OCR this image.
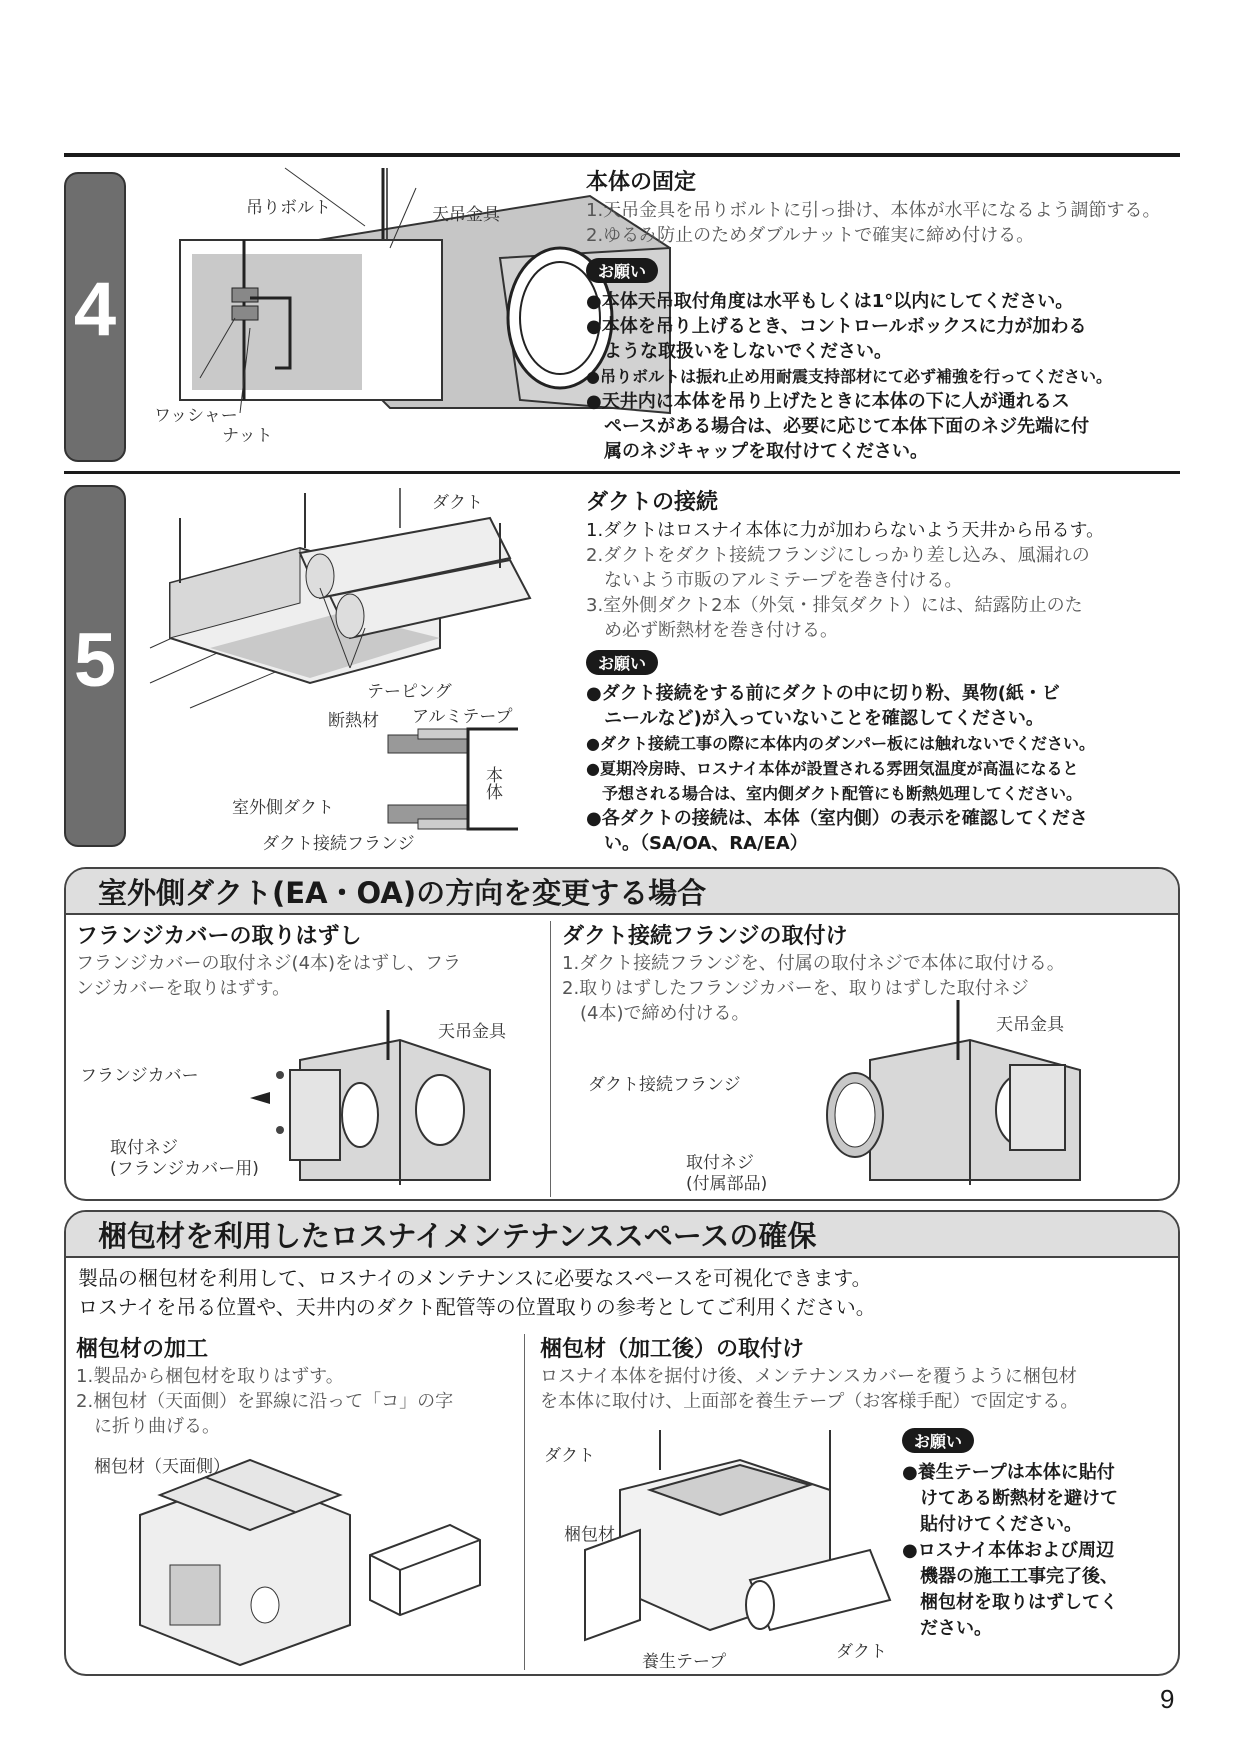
4
吊りボルト	天吊金具
ワッシャー
ナット
本体の固定
1.天吊金具を吊りボルトに引っ掛け、本体が水平になるよう調節する。
2.ゆるみ防止のためダブルナットで確実に締め付ける。
お願い
●本体天吊取付角度は水平もしくは1°以内にしてください。
●本体を吊り上げるとき、コントロールボックスに力が加わる
　ような取扱いをしないでください。
●吊りボルトは振れ止め用耐震支持部材にて必ず補強を行ってください。
●天井内に本体を吊り上げたときに本体の下に人が通れるス
　ペースがある場合は、必要に応じて本体下面のネジ先端に付
　属のネジキャップを取付けてください。
5
ダクト
テーピング
断熱材 アルミテープ
室外側ダクト
ダクト接続フランジ
本体
ダクトの接続
1.ダクトはロスナイ本体に力が加わらないよう天井から吊るす。
2.ダクトをダクト接続フランジにしっかり差し込み、風漏れの
　ないよう市販のアルミテープを巻き付ける。
3.室外側ダクト2本（外気・排気ダクト）には、結露防止のた
　め必ず断熱材を巻き付ける。
お願い
●ダクト接続をする前にダクトの中に切り粉、異物(紙・ビ
　ニールなど)が入っていないことを確認してください。
●ダクト接続工事の際に本体内のダンパー板には触れないでください。
●夏期冷房時、ロスナイ本体が設置される雰囲気温度が高温になると
　予想される場合は、室内側ダクト配管にも断熱処理してください。
●各ダクトの接続は、本体（室内側）の表示を確認してくださ
　い。（SA/OA、RA/EA）
室外側ダクト(EA・OA)の方向を変更する場合
フランジカバーの取りはずし
フランジカバーの取付ネジ(4本)をはずし、フラ
ンジカバーを取りはずす。
ダクト接続フランジの取付け
1.ダクト接続フランジを、付属の取付ネジで本体に取付ける。
2.取りはずしたフランジカバーを、取りはずした取付ネジ
　(4本)で締め付ける。
天吊金具
フランジカバー
取付ネジ
(フランジカバー用)
天吊金具
ダクト接続フランジ
取付ネジ
(付属部品)
梱包材を利用したロスナイメンテナンススペースの確保
製品の梱包材を利用して、ロスナイのメンテナンスに必要なスペースを可視化できます。
ロスナイを吊る位置や、天井内のダクト配管等の位置取りの参考としてご利用ください。
梱包材の加工
1.製品から梱包材を取りはずす。
2.梱包材（天面側）を罫線に沿って「コ」の字
　に折り曲げる。
梱包材（加工後）の取付け
ロスナイ本体を据付け後、メンテナンスカバーを覆うように梱包材
を本体に取付け、上面部を養生テープ（お客様手配）で固定する。
お願い
●養生テープは本体に貼付
　けてある断熱材を避けて
　貼付けてください。
●ロスナイ本体および周辺
　機器の施工工事完了後、
　梱包材を取りはずしてく
　ださい。
梱包材（天面側）
ダクト
梱包材
養生テープ	ダクト
9
